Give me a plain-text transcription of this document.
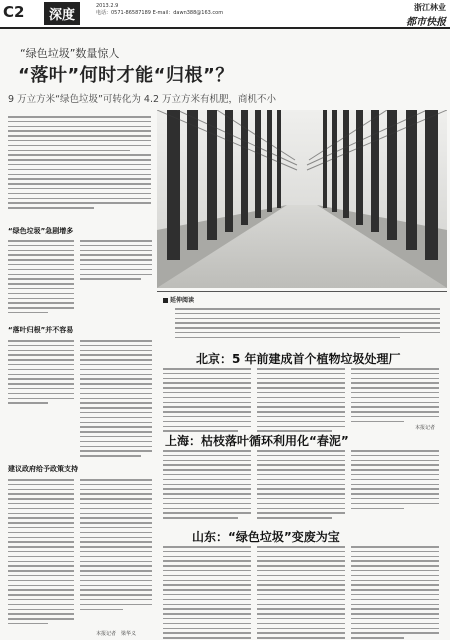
C2	深度
2013.2.9
电话：0571-86587189 E-mail：dawn388@163.com
浙江林业
都市快报
“绿色垃圾”数量惊人
“落叶”何时才能“归根”？
9 万立方米“绿色垃圾”可转化为 4.2 万立方米有机肥，商机不小
“绿色垃圾”急剧增多
“落叶归根”并不容易
建议政府给予政策支持
本报记者　梁华义
延伸阅读
北京：5 年前建成首个植物垃圾处理厂
本报记者
上海：枯枝落叶循环利用化“春泥”
山东：“绿色垃圾”变废为宝
